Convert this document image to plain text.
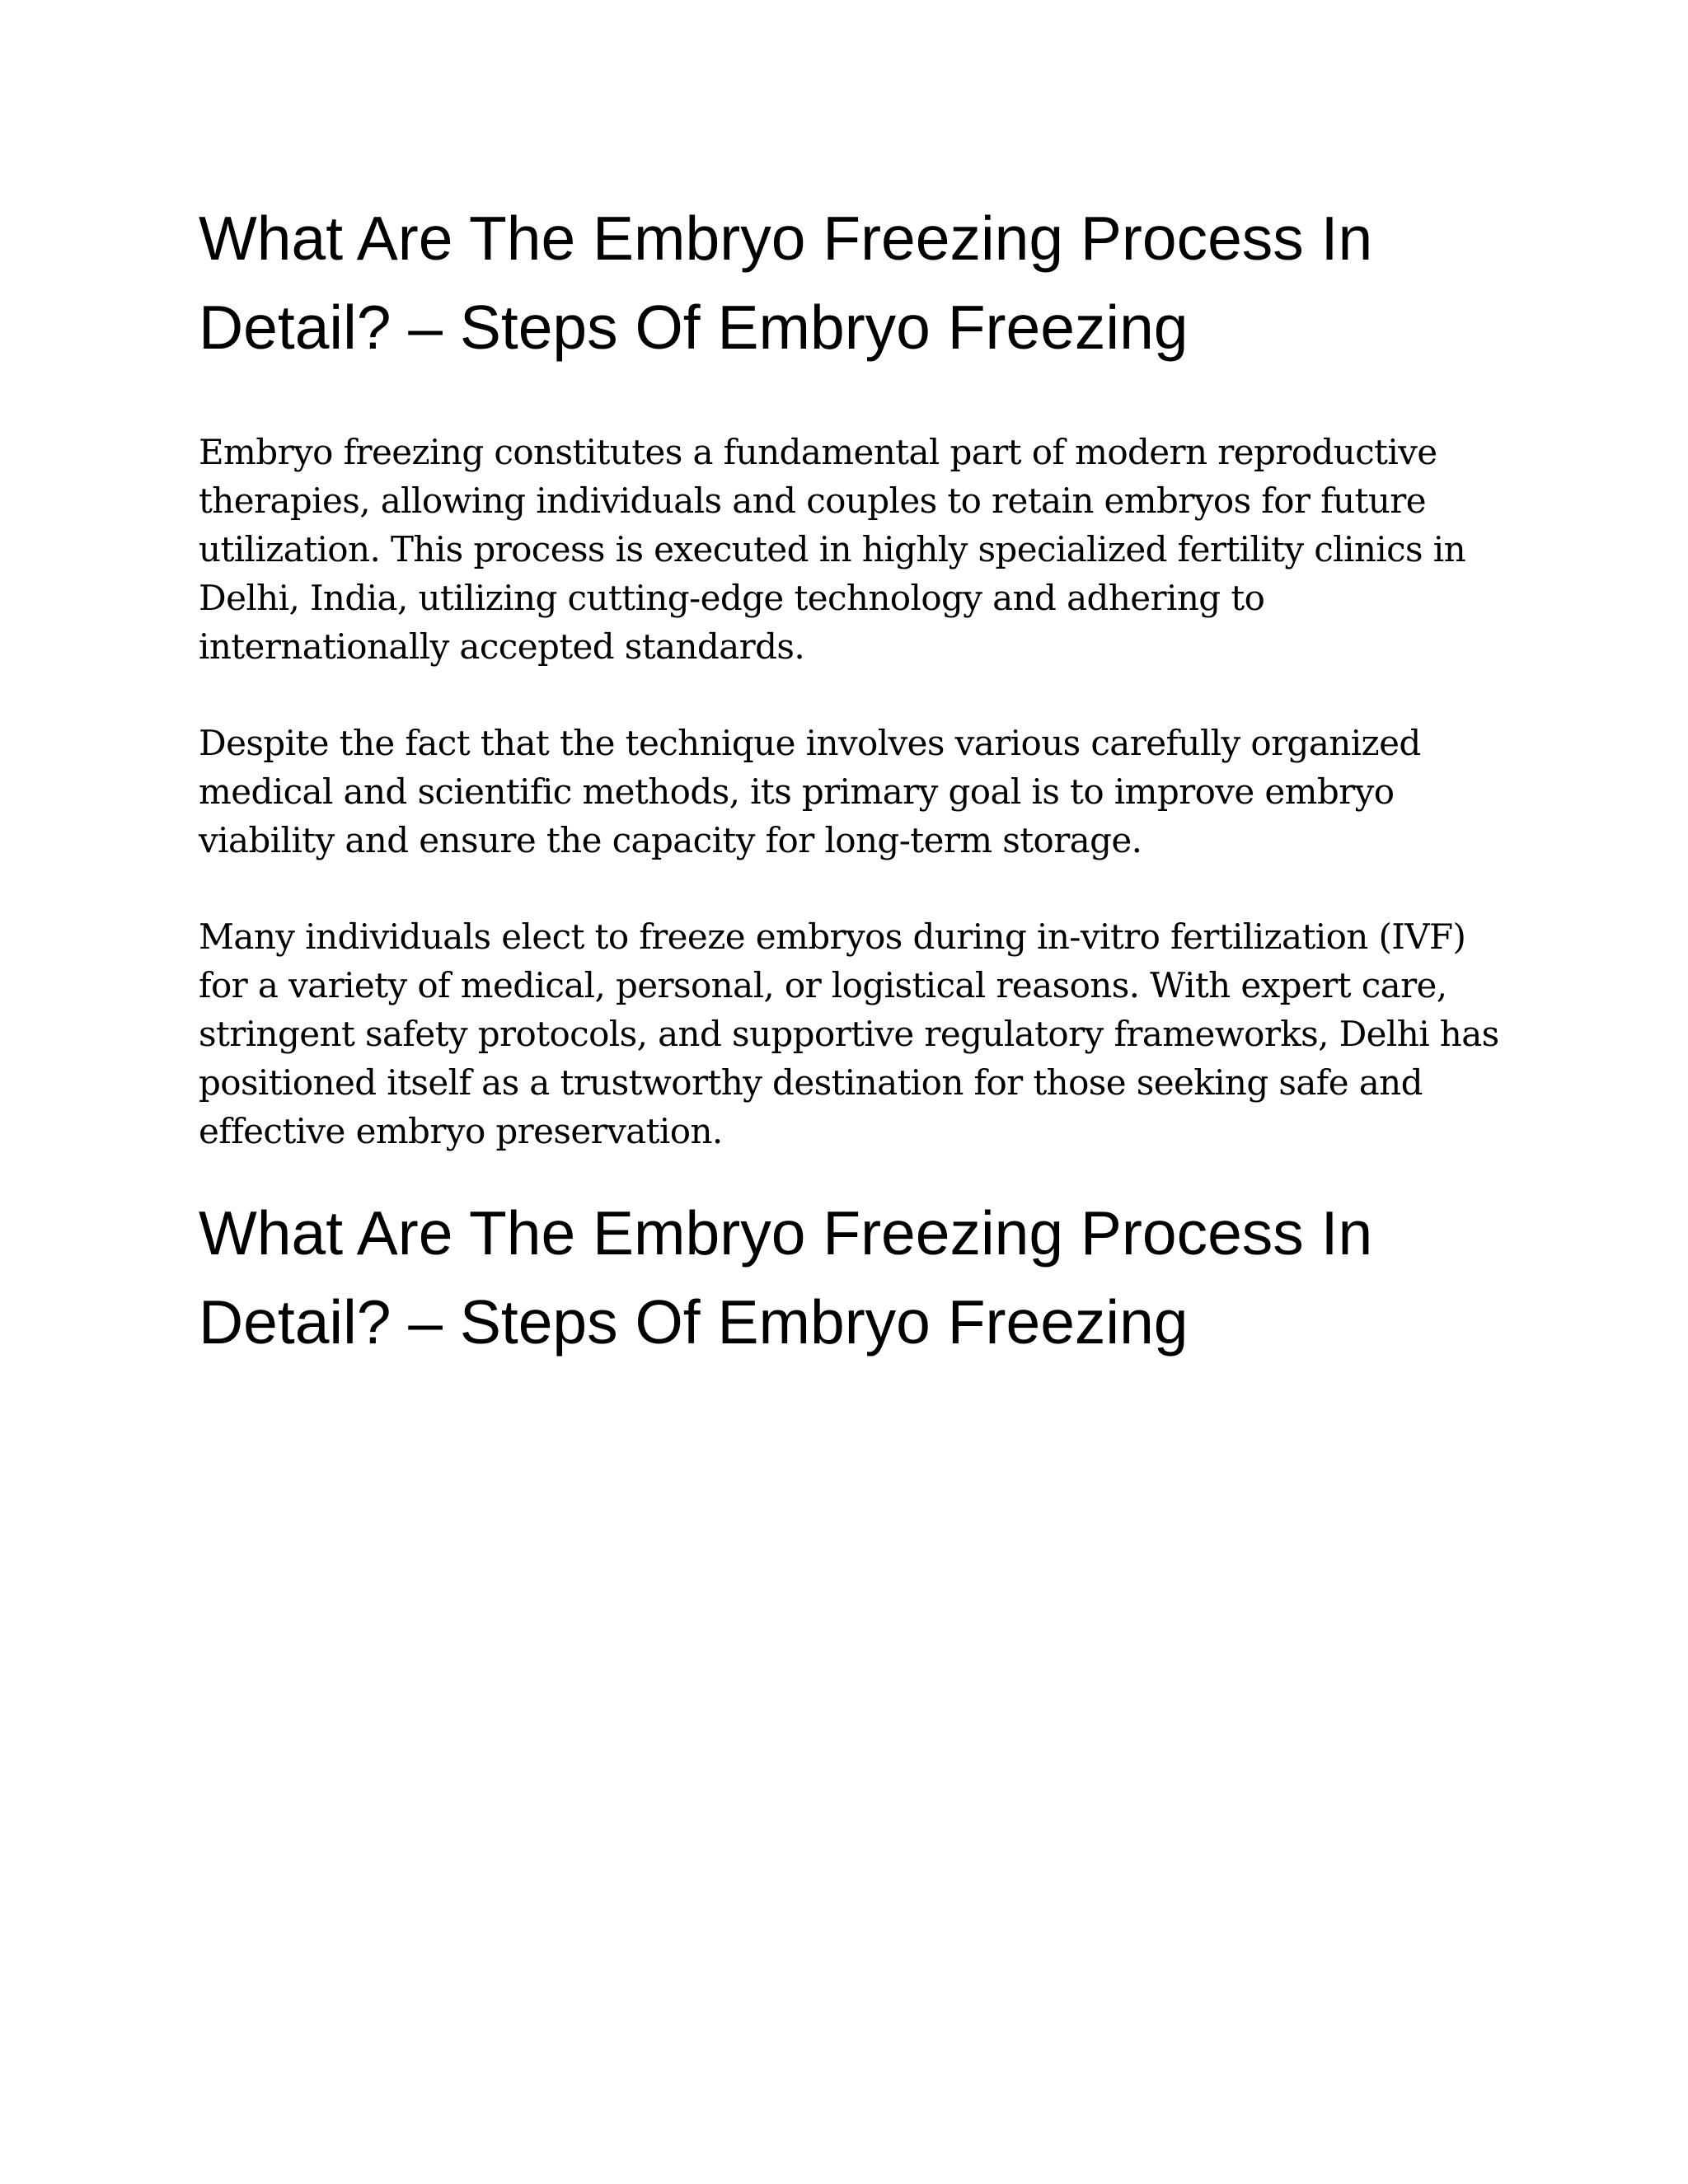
What Are The Embryo Freezing Process In Detail? – Steps Of Embryo Freezing

Embryo freezing constitutes a fundamental part of modern reproductive therapies, allowing individuals and couples to retain embryos for future utilization. This process is executed in highly specialized fertility clinics in Delhi, India, utilizing cutting-edge technology and adhering to internationally accepted standards.

Despite the fact that the technique involves various carefully organized medical and scientific methods, its primary goal is to improve embryo viability and ensure the capacity for long-term storage.

Many individuals elect to freeze embryos during in-vitro fertilization (IVF) for a variety of medical, personal, or logistical reasons. With expert care, stringent safety protocols, and supportive regulatory frameworks, Delhi has positioned itself as a trustworthy destination for those seeking safe and effective embryo preservation.

What Are The Embryo Freezing Process In Detail? – Steps Of Embryo Freezing
